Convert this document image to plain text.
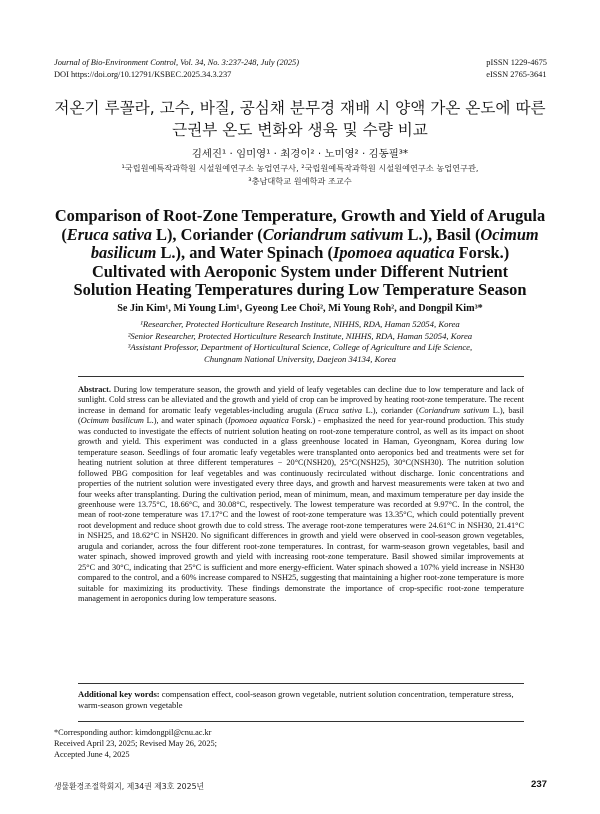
Journal of Bio-Environment Control, Vol. 34, No. 3:237-248, July (2025)
DOI https://doi.org/10.12791/KSBEC.2025.34.3.237
pISSN 1229-4675
eISSN 2765-3641
저온기 루꼴라, 고수, 바질, 공심채 분무경 재배 시 양액 가온 온도에 따른
근권부 온도 변화와 생육 및 수량 비교
김세진¹ · 임미영¹ · 최경이² · 노미영² · 김동필³*
¹국립원예특작과학원 시설원예연구소 농업연구사, ²국립원예특작과학원 시설원예연구소 농업연구관,
³충남대학교 원예학과 조교수
Comparison of Root-Zone Temperature, Growth and Yield of Arugula
(Eruca sativa L), Coriander (Coriandrum sativum L.), Basil (Ocimum
basilicum L.), and Water Spinach (Ipomoea aquatica Forsk.)
Cultivated with Aeroponic System under Different Nutrient
Solution Heating Temperatures during Low Temperature Season
Se Jin Kim¹, Mi Young Lim¹, Gyeong Lee Choi², Mi Young Roh², and Dongpil Kim³*
¹Researcher, Protected Horticulture Research Institute, NIHHS, RDA, Haman 52054, Korea
²Senior Researcher, Protected Horticulture Research Institute, NIHHS, RDA, Haman 52054, Korea
³Assistant Professor, Department of Horticultural Science, College of Agriculture and Life Science,
Chungnam National University, Daejeon 34134, Korea
Abstract. During low temperature season, the growth and yield of leafy vegetables can decline due to low temperature and lack of sunlight. Cold stress can be alleviated and the growth and yield of crop can be improved by heating root-zone temperature. The recent increase in demand for aromatic leafy vegetables-including arugula (Eruca sativa L.), coriander (Coriandrum sativum L.), basil (Ocimum basilicum L.), and water spinach (Ipomoea aquatica Forsk.) - emphasized the need for year-round production. This study was conducted to investigate the effects of nutrient solution heating on root-zone temperature control, as well as its impact on shoot growth and yield. This experiment was conducted in a glass greenhouse located in Haman, Gyeongnam, Korea during low temperature season. Seedlings of four aromatic leafy vegetables were transplanted onto aeroponics bed and treatments were set for heating nutrient solution at three different temperatures − 20°C(NSH20), 25°C(NSH25), 30°C(NSH30). The nutrition solution followed PBG composition for leaf vegetables and was continuously recirculated without discharge. Ionic concentrations and properties of the nutrient solution were investigated every three days, and growth and harvest measurements were taken at two and four weeks after transplanting. During the cultivation period, mean of minimum, mean, and maximum temperature per day inside the greenhouse were 13.75°C, 18.66°C, and 30.08°C, respectively. The lowest temperature was recorded at 9.97°C. In the control, the mean of root-zone temperature was 17.17°C and the lowest of root-zone temperature was 13.35°C, which could potentially prevent root development and reduce shoot growth due to cold stress. The average root-zone temperatures were 24.61°C in NSH30, 21.41°C in NSH25, and 18.62°C in NSH20. No significant differences in growth and yield were observed in cool-season grown vegetables, arugula and coriander, across the four different root-zone temperatures. In contrast, for warm-season grown vegetables, basil and water spinach, showed improved growth and yield with increasing root-zone temperature. Basil showed similar improvements at 25°C and 30°C, indicating that 25°C is sufficient and more energy-efficient. Water spinach showed a 107% yield increase in NSH30 compared to the control, and a 60% increase compared to NSH25, suggesting that maintaining a higher root-zone temperature is more suitable for maximizing its productivity. These findings demonstrate the importance of crop-specific root-zone temperature management in aeroponics during low temperature seasons.
Additional key words: compensation effect, cool-season grown vegetable, nutrient solution concentration, temperature stress, warm-season grown vegetable
*Corresponding author: kimdongpil@cnu.ac.kr
Received April 23, 2025; Revised May 26, 2025;
Accepted June 4, 2025
생물환경조절학회지, 제34권 제3호 2025년	237
